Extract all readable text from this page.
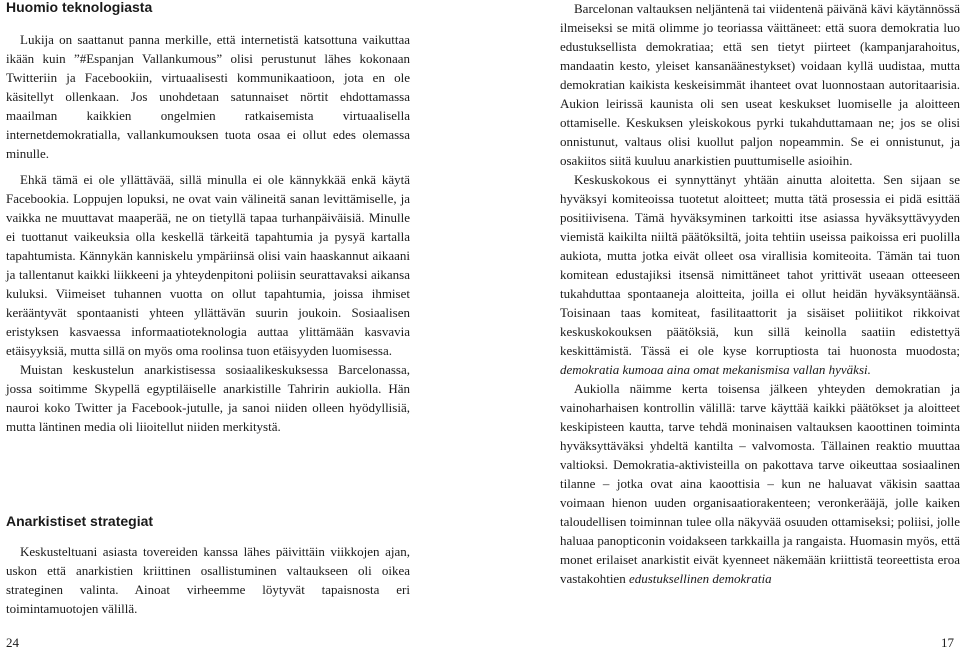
Huomio teknologiasta

Lukija on saattanut panna merkille, että internetistä katsottuna vaikuttaa ikään kuin ”#Espanjan Vallankumous” olisi perustunut lähes kokonaan Twitteriin ja Facebookiin, virtuaalisesti kommunikaatioon, jota en ole käsitellyt ollenkaan. Jos unohdetaan satunnaiset nörtit ehdottamassa maailman kaikkien ongelmien ratkaisemista virtuaalisella internetdemokratialla, vallankumouksen tuota osaa ei ollut edes olemassa minulle.

Ehkä tämä ei ole yllättävää, sillä minulla ei ole kännykkää enkä käytä Facebookia. Loppujen lopuksi, ne ovat vain välineitä sanan levittämiselle, ja vaikka ne muuttavat maaperää, ne on tietyllä tapaa turhanpäiväisiä. Minulle ei tuottanut vaikeuksia olla keskellä tärkeitä tapahtumia ja pysyä kartalla tapahtumista. Kännykän kanniskelu ympäriinsä olisi vain haaskannut aikaani ja tallentanut kaikki liikkeeni ja yhteydenpitoni poliisin seurattavaksi aikansa kuluksi. Viimeiset tuhannen vuotta on ollut tapahtumia, joissa ihmiset kerääntyvät spontaanisti yhteen yllättävän suurin joukoin. Sosiaalisen eristyksen kasvaessa informaatioteknologia auttaa ylittämään kasvavia etäisyyksiä, mutta sillä on myös oma roolinsa tuon etäisyyden luomisessa.

Muistan keskustelun anarkistisessa sosiaalikeskuksessa Barcelonassa, jossa soitimme Skypellä egyptiläiselle anarkistille Tahririn aukiolla. Hän nauroi koko Twitter ja Facebook-jutulle, ja sanoi niiden olleen hyödyllisiä, mutta läntinen media oli liioitellut niiden merkitystä.

Anarkistiset strategiat

Keskusteltuani asiasta tovereiden kanssa lähes päivittäin viikkojen ajan, uskon että anarkistien kriittinen osallistuminen valtaukseen oli oikea strateginen valinta. Ainoat virheemme löytyvät tapaisnosta eri toimintamuotojen välillä.

24

Barcelonan valtauksen neljäntenä tai viidentenä päivänä kävi käytännössä ilmeiseksi se mitä olimme jo teoriassa väittäneet: että suora demokratia luo edustuksellista demokratiaa; että sen tietyt piirteet (kampanjarahoitus, mandaatin kesto, yleiset kansanäänestykset) voidaan kyllä uudistaa, mutta demokratian kaikista keskeisimmät ihanteet ovat luonnostaan autoritaarisia. Aukion leirissä kaunista oli sen useat keskukset luomiselle ja aloitteen ottamiselle. Keskuksen yleiskokous pyrki tukahduttamaan ne; jos se olisi onnistunut, valtaus olisi kuollut paljon nopeammin. Se ei onnistunut, ja osakiitos siitä kuuluu anarkistien puuttumiselle asioihin.

Keskuskokous ei synnyttänyt yhtään ainutta aloitetta. Sen sijaan se hyväksyi komiteoissa tuotetut aloitteet; mutta tätä prosessia ei pidä esittää positiivisena. Tämä hyväksyminen tarkoitti itse asiassa hyväksyttävyyden viemistä kaikilta niiltä päätöksiltä, joita tehtiin useissa paikoissa eri puolilla aukiota, mutta jotka eivät olleet osa virallisia komiteoita. Tämän tai tuon komitean edustajiksi itsensä nimittäneet tahot yrittivät useaan otteeseen tukahduttaa spontaaneja aloitteita, joilla ei ollut heidän hyväksyntäänsä. Toisinaan taas komiteat, fasilitaattorit ja sisäiset poliitikot rikkoivat keskuskokouksen päätöksiä, kun sillä keinolla saatiin edistettyä keskittämistä. Tässä ei ole kyse korruptiosta tai huonosta muodosta; demokratia kumoaa aina omat mekanismisa vallan hyväksi.

Aukiolla näimme kerta toisensa jälkeen yhteyden demokratian ja vainoharhaisen kontrollin välillä: tarve käyttää kaikki päätökset ja aloitteet keskipisteen kautta, tarve tehdä moninaisen valtauksen kaoottinen toiminta hyväksyttäväksi yhdeltä kantilta – valvomosta. Tällainen reaktio muuttaa valtioksi. Demokratia-aktivisteilla on pakottava tarve oikeuttaa sosiaalinen tilanne – jotka ovat aina kaoottisia – kun ne haluavat väkisin saattaa voimaan hienon uuden organisaatiorakenteen; veronkerääjä, jolle kaiken taloudellisen toiminnan tulee olla näkyvää osuuden ottamiseksi; poliisi, jolle haluaa panopticonin voidakseen tarkkailla ja rangaista. Huomasin myös, että monet erilaiset anarkistit eivät kyenneet näkemään kriittistä teoreettista eroa vastakohtien edustuksellinen demokratia

17
